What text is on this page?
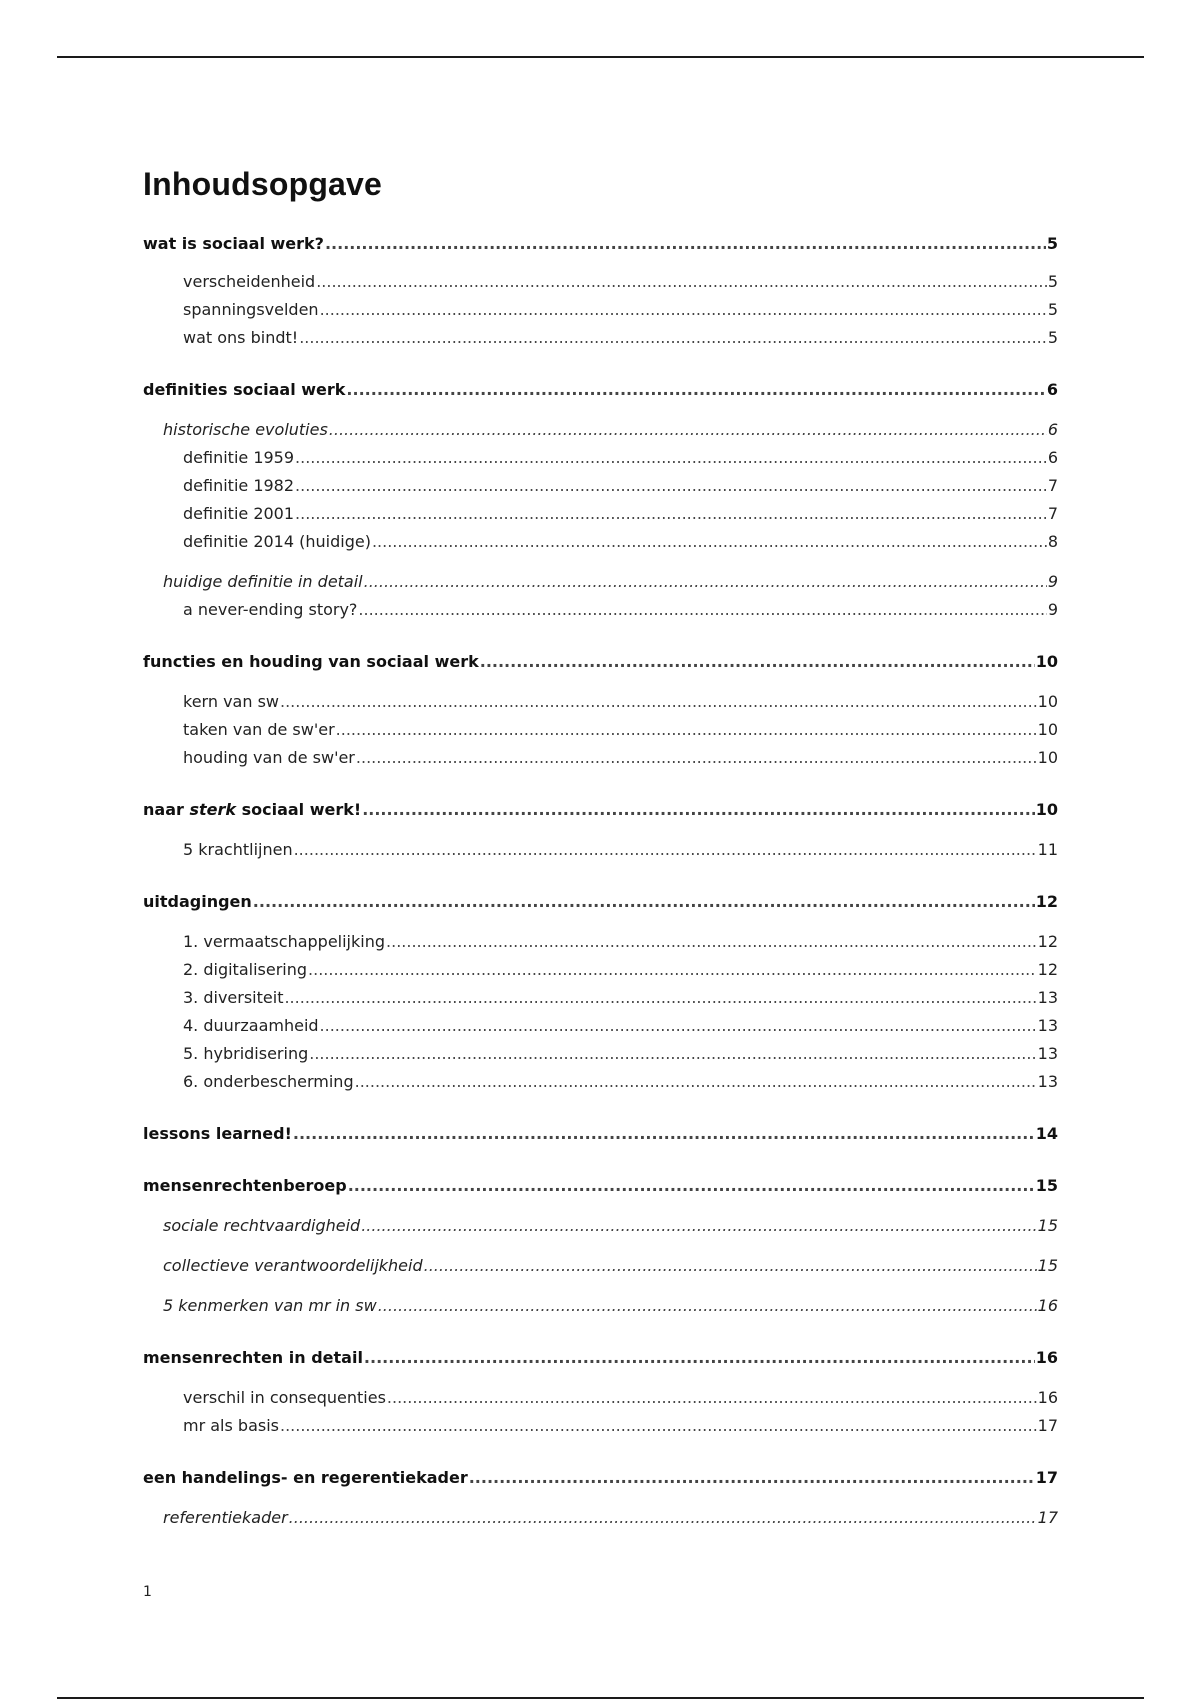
Inhoudsopgave
wat is sociaal werk? .....	5
verscheidenheid .....	5
spanningsvelden .....	5
wat ons bindt! .....	5
definities sociaal werk .....	6
historische evoluties .....	6
definitie 1959 .....	6
definitie 1982 .....	7
definitie 2001 .....	7
definitie 2014 (huidige) .....	8
huidige definitie in detail .....	9
a never-ending story? .....	9
functies en houding van sociaal werk .....	10
kern van sw .....	10
taken van de sw'er .....	10
houding van de sw'er .....	10
naar sterk sociaal werk! .....	10
5 krachtlijnen .....	11
uitdagingen .....	12
1. vermaatschappelijking .....	12
2. digitalisering .....	12
3. diversiteit .....	13
4. duurzaamheid .....	13
5. hybridisering .....	13
6. onderbescherming .....	13
lessons learned! .....	14
mensenrechtenberoep .....	15
sociale rechtvaardigheid .....	15
collectieve verantwoordelijkheid .....	15
5 kenmerken van mr in sw .....	16
mensenrechten in detail .....	16
verschil in consequenties .....	16
mr als basis .....	17
een handelings- en regerentiekader .....	17
referentiekader .....	17
1
